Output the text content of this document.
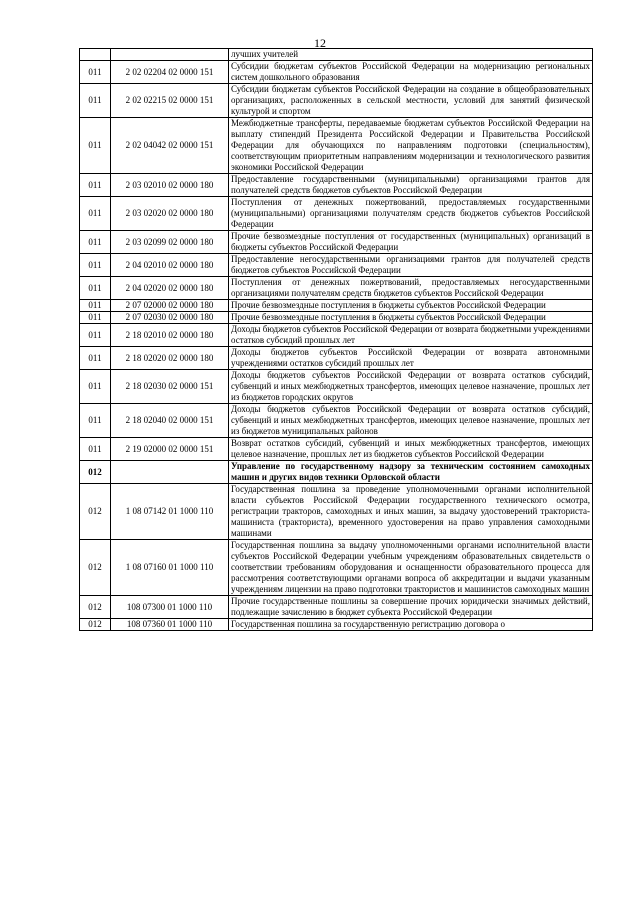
12
		лучших учителей
011	2 02 02204 02 0000 151	Субсидии бюджетам субъектов Российской Федерации на модернизацию региональных систем дошкольного образования
011	2 02 02215 02 0000 151	Субсидии бюджетам субъектов Российской Федерации на создание в общеобразовательных организациях, расположенных в сельской местности, условий для занятий физической культурой и спортом
011	2 02 04042 02 0000 151	Межбюджетные трансферты, передаваемые бюджетам субъектов Российской Федерации на выплату стипендий Президента Российской Федерации и Правительства Российской Федерации для обучающихся по направлениям подготовки (специальностям), соответствующим приоритетным направлениям модернизации и технологического развития экономики Российской Федерации
011	2 03 02010 02 0000 180	Предоставление государственными (муниципальными) организациями грантов для получателей средств бюджетов субъектов Российской Федерации
011	2 03 02020 02 0000 180	Поступления от денежных пожертвований, предоставляемых государственными (муниципальными) организациями получателям средств бюджетов субъектов Российской Федерации
011	2 03 02099 02 0000 180	Прочие безвозмездные поступления от государственных (муниципальных) организаций в бюджеты субъектов Российской Федерации
011	2 04 02010 02 0000 180	Предоставление негосударственными организациями грантов для получателей средств бюджетов субъектов Российской Федерации
011	2 04 02020 02 0000 180	Поступления от денежных пожертвований, предоставляемых негосударственными организациями получателям средств бюджетов субъектов Российской Федерации
011	2 07 02000 02 0000 180	Прочие безвозмездные поступления в бюджеты субъектов Российской Федерации
011	2 07 02030 02 0000 180	Прочие безвозмездные поступления в бюджеты субъектов Российской Федерации
011	2 18 02010 02 0000 180	Доходы бюджетов субъектов Российской Федерации от возврата бюджетными учреждениями остатков субсидий прошлых лет
011	2 18 02020 02 0000 180	Доходы бюджетов субъектов Российской Федерации от возврата автономными учреждениями остатков субсидий прошлых лет
011	2 18 02030 02 0000 151	Доходы бюджетов субъектов Российской Федерации от возврата остатков субсидий, субвенций и иных межбюджетных трансфертов, имеющих целевое назначение, прошлых лет из бюджетов городских округов
011	2 18 02040 02 0000 151	Доходы бюджетов субъектов Российской Федерации от возврата остатков субсидий, субвенций и иных межбюджетных трансфертов, имеющих целевое назначение, прошлых лет из бюджетов муниципальных районов
011	2 19 02000 02 0000 151	Возврат остатков субсидий, субвенций и иных межбюджетных трансфертов, имеющих целевое назначение, прошлых лет из бюджетов субъектов Российской Федерации
012		Управление по государственному надзору за техническим состоянием самоходных машин и других видов техники Орловской области
012	1 08 07142 01 1000 110	Государственная пошлина за проведение уполномоченными органами исполнительной власти субъектов Российской Федерации государственного технического осмотра, регистрации тракторов, самоходных и иных машин, за выдачу удостоверений тракториста-машиниста (тракториста), временного удостоверения на право управления самоходными машинами
012	1 08 07160 01 1000 110	Государственная пошлина за выдачу уполномоченными органами исполнительной власти субъектов Российской Федерации учебным учреждениям образовательных свидетельств о соответствии требованиям оборудования и оснащенности образовательного процесса для рассмотрения соответствующими органами вопроса об аккредитации и выдачи указанным учреждениям лицензии на право подготовки трактористов и машинистов самоходных машин
012	108 07300 01 1000 110	Прочие государственные пошлины за совершение прочих юридически значимых действий, подлежащие зачислению в бюджет субъекта Российской Федерации
012	108 07360 01 1000 110	Государственная пошлина за государственную регистрацию договора о
